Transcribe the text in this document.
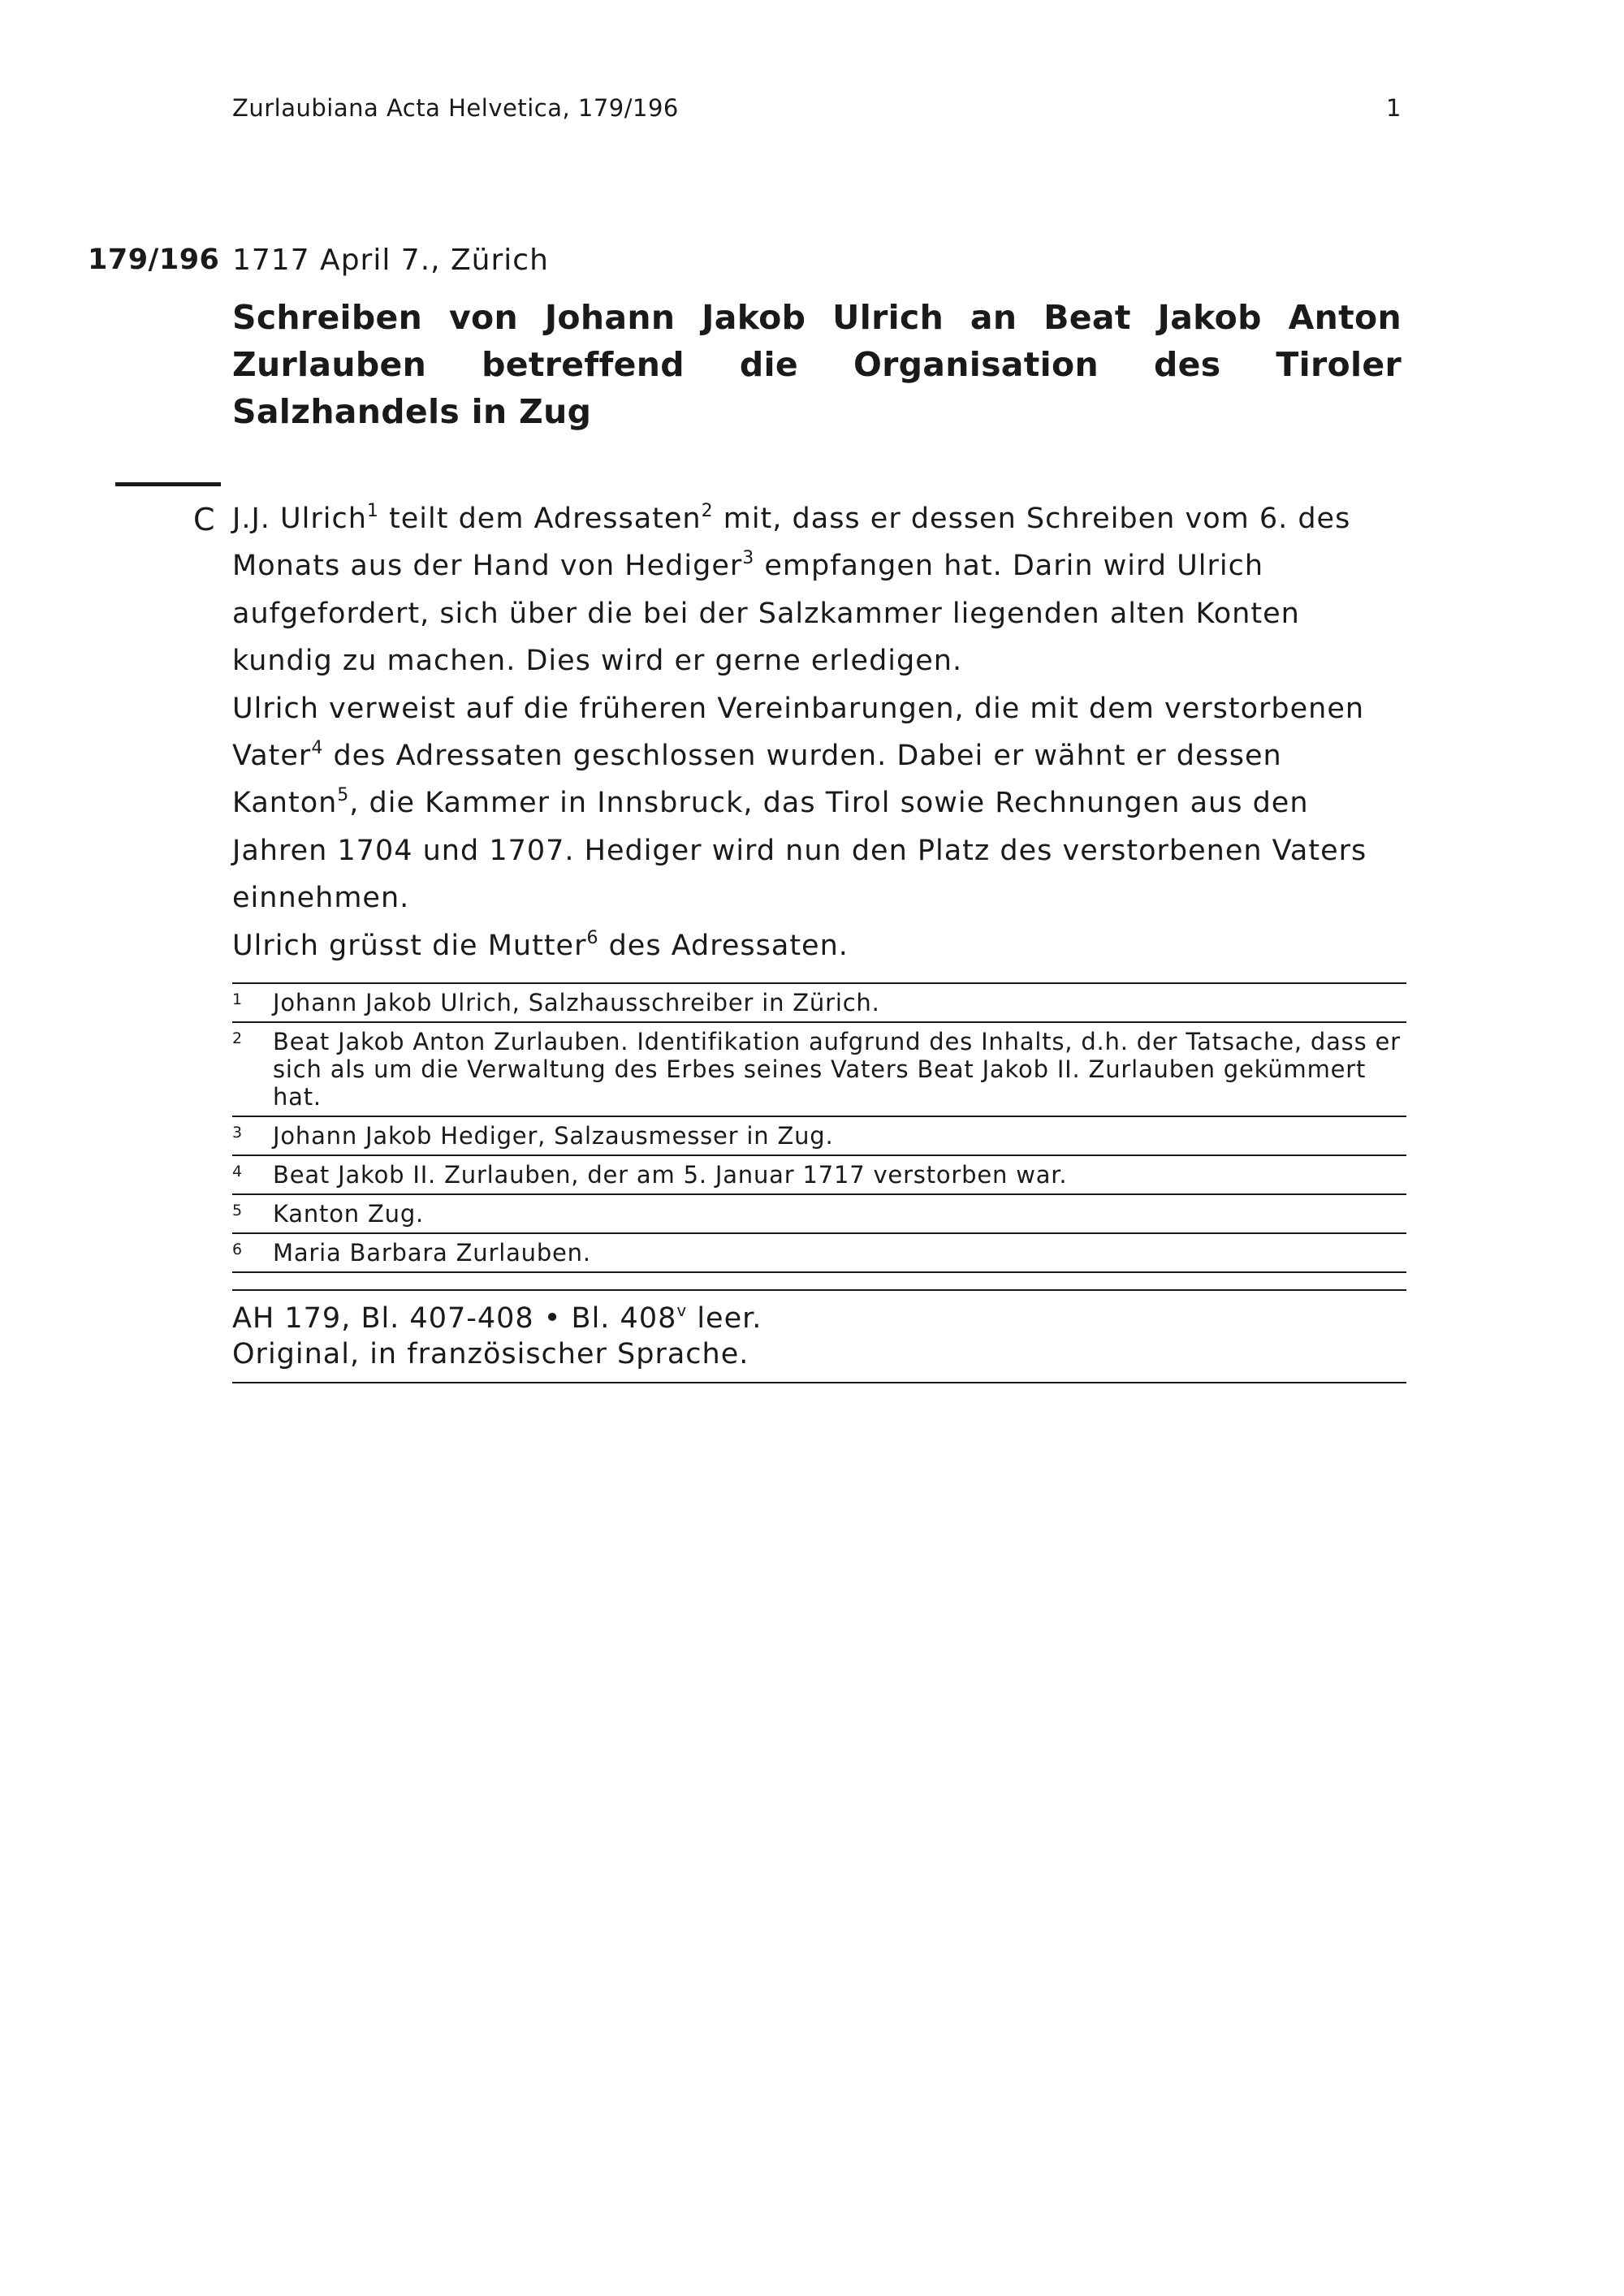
Zurlaubiana Acta Helvetica, 179/196	1
179/196 1717 April 7., Zürich
Schreiben von Johann Jakob Ulrich an Beat Jakob Anton Zurlauben betreffend die Organisation des Tiroler Salzhandels in Zug
C J.J. Ulrich$^1$ teilt dem Adressaten$^2$ mit, dass er dessen Schreiben vom 6. des Monats aus der Hand von Hediger$^3$ empfangen hat. Darin wird Ulrich aufgefordert, sich über die bei der Salzkammer liegenden alten Konten kundig zu machen. Dies wird er gerne erledigen.

Ulrich verweist auf die früheren Vereinbarungen, die mit dem verstorbenen Vater$^4$ des Adressaten geschlossen wurden. Dabei er wähnt er dessen Kanton$^5$, die Kammer in Innsbruck, das Tirol sowie Rechnungen aus den Jahren 1704 und 1707. Hediger wird nun den Platz des verstorbenen Vaters einnehmen.

Ulrich grüsst die Mutter$^6$ des Adressaten.

1 Johann Jakob Ulrich, Salzhausschreiber in Zürich.
2 Beat Jakob Anton Zurlauben. Identifikation aufgrund des Inhalts, d.h. der Tatsache, dass er sich als um die Verwaltung des Erbes seines Vaters Beat Jakob II. Zurlauben gekümmert hat.
3 Johann Jakob Hediger, Salzausmesser in Zug.
4 Beat Jakob II. Zurlauben, der am 5. Januar 1717 verstorben war.
5 Kanton Zug.
6 Maria Barbara Zurlauben.
AH 179, Bl. 407-408 • Bl. 408$^v$ leer.
Original, in französischer Sprache.
